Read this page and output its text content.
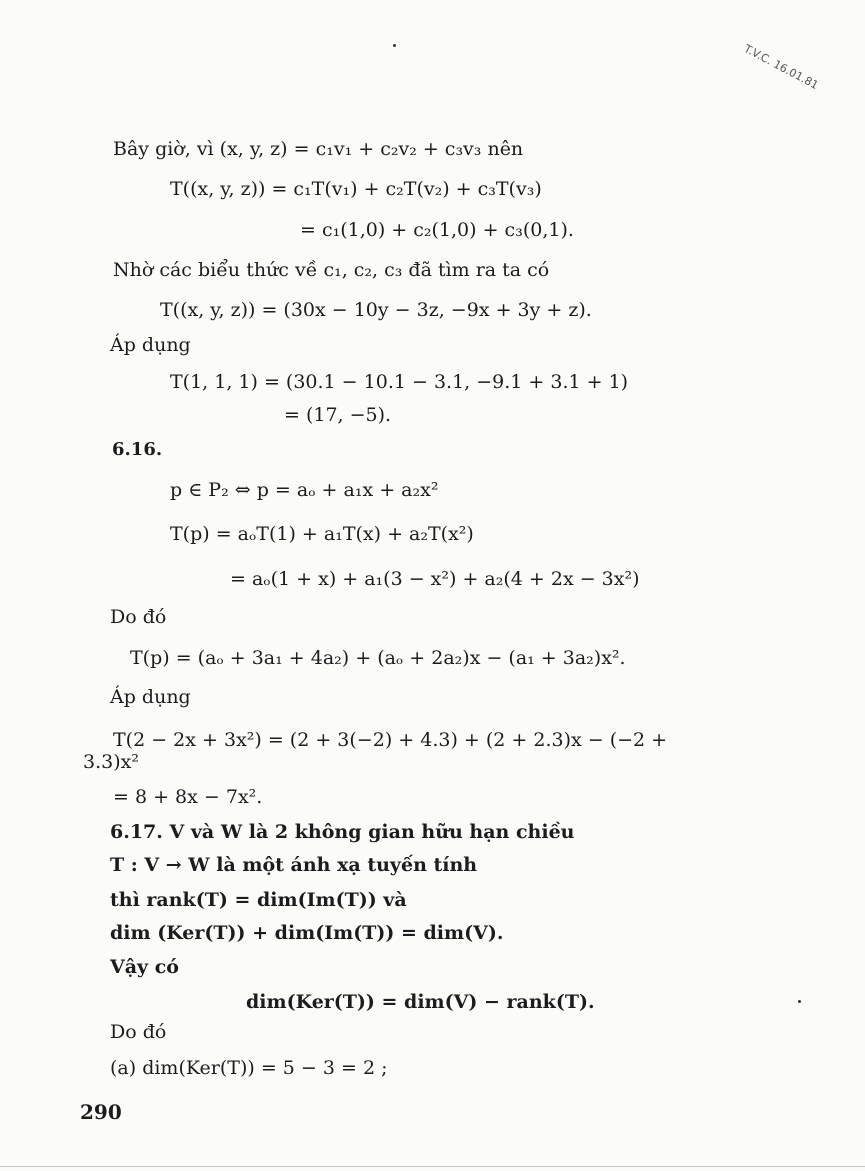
T.V.C. 16.01.81
Bây giờ, vì (x, y, z) = c₁v₁ + c₂v₂ + c₃v₃ nên
T((x, y, z)) = c₁T(v₁) + c₂T(v₂) + c₃T(v₃)
= c₁(1,0) + c₂(1,0) + c₃(0,1).
Nhờ các biểu thức về c₁, c₂, c₃ đã tìm ra ta có
T((x, y, z)) = (30x − 10y − 3z, −9x + 3y + z).
Áp dụng
T(1, 1, 1) = (30.1 − 10.1 − 3.1, −9.1 + 3.1 + 1)
= (17, −5).
6.16.
p ∈ P₂ ⇔ p = aₒ + a₁x + a₂x²
T(p) = aₒT(1) + a₁T(x) + a₂T(x²)
= aₒ(1 + x) + a₁(3 − x²) + a₂(4 + 2x − 3x²)
Do đó
T(p) = (aₒ + 3a₁ + 4a₂) + (aₒ + 2a₂)x − (a₁ + 3a₂)x².
Áp dụng
T(2 − 2x + 3x²) = (2 + 3(−2) + 4.3) + (2 + 2.3)x − (−2 +
3.3)x²
= 8 + 8x − 7x².
6.17. V và W là 2 không gian hữu hạn chiều
T : V → W là một ánh xạ tuyến tính
thì rank(T) = dim(Im(T)) và
dim (Ker(T)) + dim(Im(T)) = dim(V).
Vậy có
dim(Ker(T)) = dim(V) − rank(T).
Do đó
(a) dim(Ker(T)) = 5 − 3 = 2 ;
290
